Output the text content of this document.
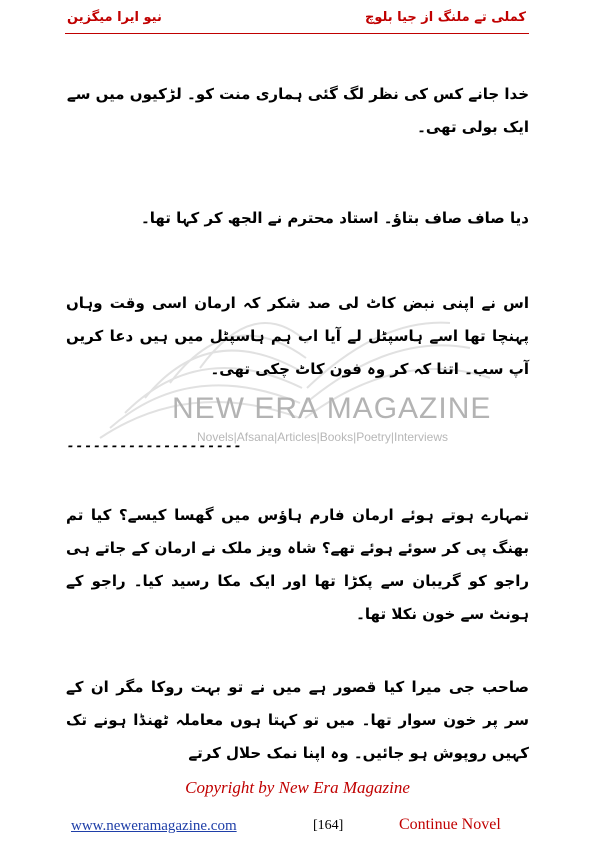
نیو ایرا میگزین	کملی تے ملنگ از جیا بلوچ
NEW ERA MAGAZINE
Novels|Afsana|Articles|Books|Poetry|Interviews
خدا جانے کس کی نظر لگ گئی ہماری منت کو۔ لڑکیوں میں سے ایک بولی تھی۔
دیا صاف صاف بتاؤ۔ استاد محترم نے الجھ کر کہا تھا۔
اس نے اپنی نبض کاٹ لی صد شکر کہ ارمان اسی وقت وہاں پہنچا تھا اسے ہاسپٹل لے آیا اب ہم ہاسپٹل میں ہیں دعا کریں آپ سب۔ اتنا کہ کر وہ فون کاٹ چکی تھی۔
۔۔۔۔۔۔۔۔۔۔۔۔۔۔۔۔۔۔۔۔
تمہارے ہوتے ہوئے ارمان فارم ہاؤس میں گھسا کیسے؟ کیا تم بھنگ پی کر سوئے ہوئے تھے؟ شاہ ویز ملک نے ارمان کے جاتے ہی راجو کو گریبان سے پکڑا تھا اور ایک مکا رسید کیا۔ راجو کے ہونٹ سے خون نکلا تھا۔
صاحب جی میرا کیا قصور ہے میں نے تو بہت روکا مگر ان کے سر پر خون سوار تھا۔ میں تو کہتا ہوں معاملہ ٹھنڈا ہونے تک کہیں روپوش ہو جائیں۔ وہ اپنا نمک حلال کرتے
Copyright by New Era Magazine
www.neweramagazine.com	[164]	Continue Novel
